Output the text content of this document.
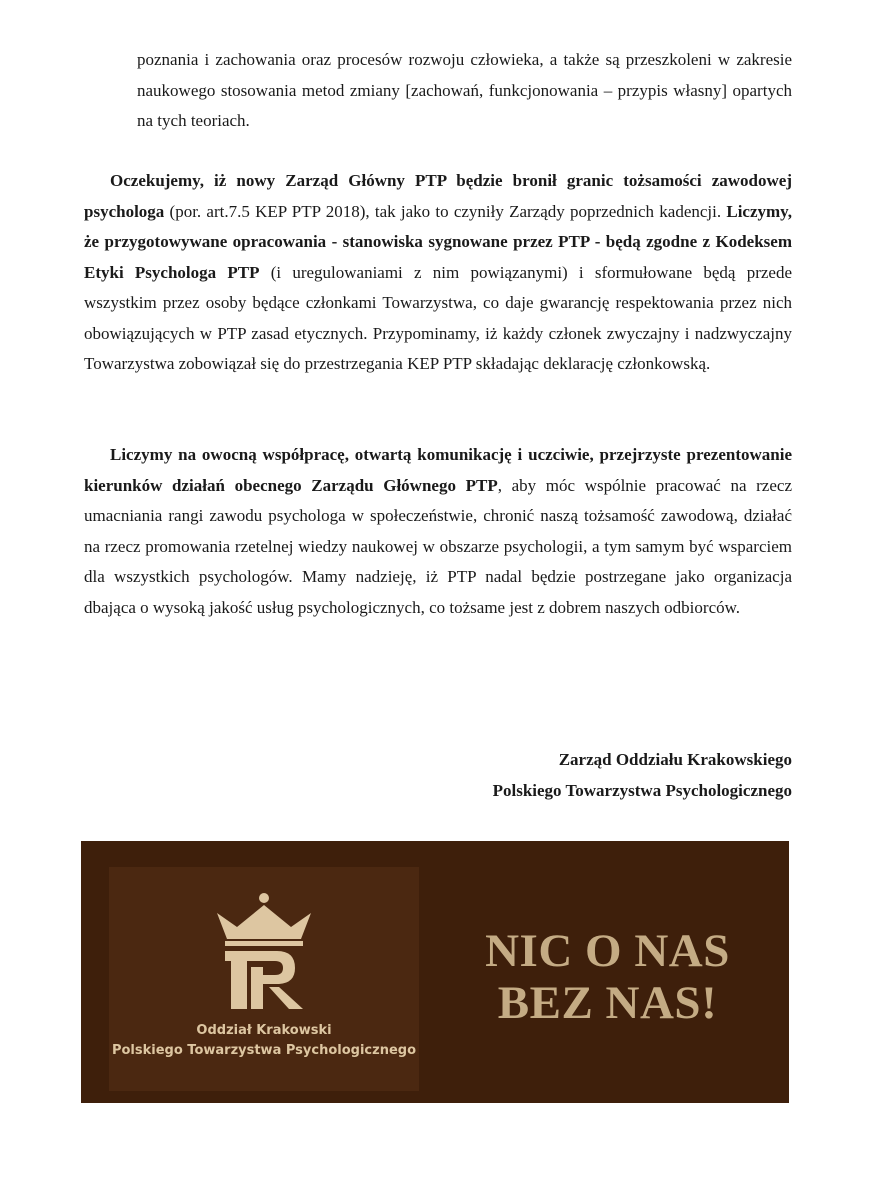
poznania i zachowania oraz procesów rozwoju człowieka, a także są przeszkoleni w zakresie naukowego stosowania metod zmiany [zachowań, funkcjonowania – przypis własny] opartych na tych teoriach.

Oczekujemy, iż nowy Zarząd Główny PTP będzie bronił granic tożsamości zawodowej psychologa (por. art.7.5 KEP PTP 2018), tak jako to czyniły Zarządy poprzednich kadencji. Liczymy, że przygotowywane opracowania - stanowiska sygnowane przez PTP - będą zgodne z Kodeksem Etyki Psychologa PTP (i uregulowaniami z nim powiązanymi) i sformułowane będą przede wszystkim przez osoby będące członkami Towarzystwa, co daje gwarancję respektowania przez nich obowiązujących w PTP zasad etycznych. Przypominamy, iż każdy członek zwyczajny i nadzwyczajny Towarzystwa zobowiązał się do przestrzegania KEP PTP składając deklarację członkowską.

Liczymy na owocną współpracę, otwartą komunikację i uczciwie, przejrzyste prezentowanie kierunków działań obecnego Zarządu Głównego PTP, aby móc wspólnie pracować na rzecz umacniania rangi zawodu psychologa w społeczeństwie, chronić naszą tożsamość zawodową, działać na rzecz promowania rzetelnej wiedzy naukowej w obszarze psychologii, a tym samym być wsparciem dla wszystkich psychologów. Mamy nadzieję, iż PTP nadal będzie postrzegane jako organizacja dbająca o wysoką jakość usług psychologicznych, co tożsame jest z dobrem naszych odbiorców.

Zarząd Oddziału Krakowskiego
Polskiego Towarzystwa Psychologicznego
Oddział Krakowski
Polskiego Towarzystwa Psychologicznego
NIC O NAS
BEZ NAS!
